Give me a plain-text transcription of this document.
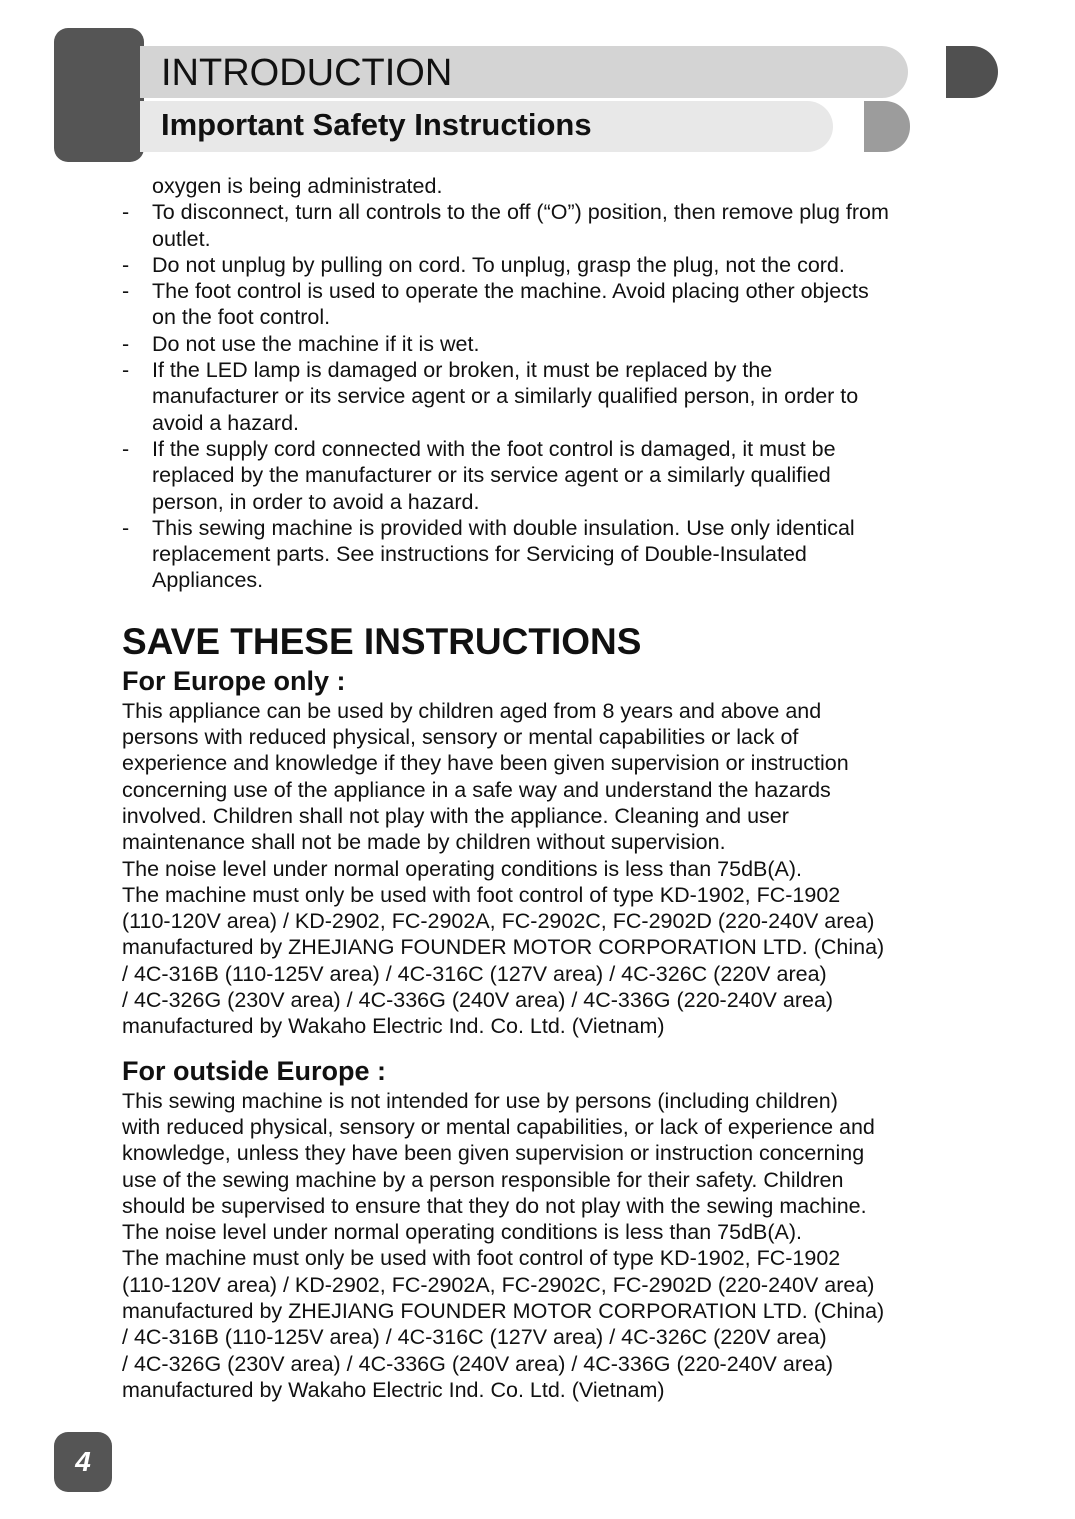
INTRODUCTION
Important Safety Instructions
oxygen is being administrated.
- To disconnect, turn all controls to the off (“O”) position, then remove plug from
outlet.
- Do not unplug by pulling on cord. To unplug, grasp the plug, not the cord.
- The foot control is used to operate the machine. Avoid placing other objects
on the foot control.
- Do not use the machine if it is wet.
- If the LED lamp is damaged or broken, it must be replaced by the
manufacturer or its service agent or a similarly qualified person, in order to
avoid a hazard.
- If the supply cord connected with the foot control is damaged, it must be
replaced by the manufacturer or its service agent or a similarly qualified
person, in order to avoid a hazard.
- This sewing machine is provided with double insulation. Use only identical
replacement parts. See instructions for Servicing of Double-Insulated
Appliances.
SAVE THESE INSTRUCTIONS
For Europe only :
This appliance can be used by children aged from 8 years and above and
persons with reduced physical, sensory or mental capabilities or lack of
experience and knowledge if they have been given supervision or instruction
concerning use of the appliance in a safe way and understand the hazards
involved. Children shall not play with the appliance. Cleaning and user
maintenance shall not be made by children without supervision.
The noise level under normal operating conditions is less than 75dB(A).
The machine must only be used with foot control of type KD-1902, FC-1902
(110-120V area) / KD-2902, FC-2902A, FC-2902C, FC-2902D (220-240V area)
manufactured by ZHEJIANG FOUNDER MOTOR CORPORATION LTD. (China)
/ 4C-316B (110-125V area) / 4C-316C (127V area) / 4C-326C (220V area)
/ 4C-326G (230V area) / 4C-336G (240V area) / 4C-336G (220-240V area)
manufactured by Wakaho Electric Ind. Co. Ltd. (Vietnam)
For outside Europe :
This sewing machine is not intended for use by persons (including children)
with reduced physical, sensory or mental capabilities, or lack of experience and
knowledge, unless they have been given supervision or instruction concerning
use of the sewing machine by a person responsible for their safety. Children
should be supervised to ensure that they do not play with the sewing machine.
The noise level under normal operating conditions is less than 75dB(A).
The machine must only be used with foot control of type KD-1902, FC-1902
(110-120V area) / KD-2902, FC-2902A, FC-2902C, FC-2902D (220-240V area)
manufactured by ZHEJIANG FOUNDER MOTOR CORPORATION LTD. (China)
/ 4C-316B (110-125V area) / 4C-316C (127V area) / 4C-326C (220V area)
/ 4C-326G (230V area) / 4C-336G (240V area) / 4C-336G (220-240V area)
manufactured by Wakaho Electric Ind. Co. Ltd. (Vietnam)
4
